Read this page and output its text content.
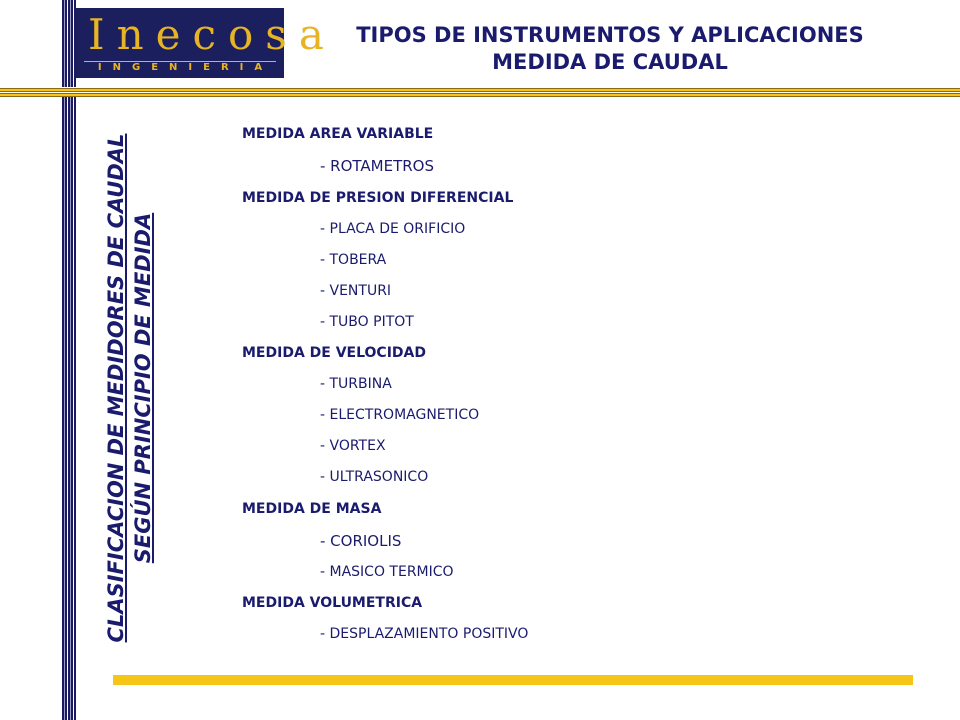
Inecosa
INGENIERIA
TIPOS DE INSTRUMENTOS Y APLICACIONES
MEDIDA DE CAUDAL
CLASIFICACION DE MEDIDORES DE CAUDAL SEGÚN PRINCIPIO DE MEDIDA
MEDIDA AREA VARIABLE
- ROTAMETROS
MEDIDA DE PRESION DIFERENCIAL
- PLACA DE ORIFICIO
- TOBERA
- VENTURI
- TUBO PITOT
MEDIDA DE VELOCIDAD
- TURBINA
- ELECTROMAGNETICO
- VORTEX
- ULTRASONICO
MEDIDA DE MASA
- CORIOLIS
- MASICO TERMICO
MEDIDA VOLUMETRICA
- DESPLAZAMIENTO POSITIVO
